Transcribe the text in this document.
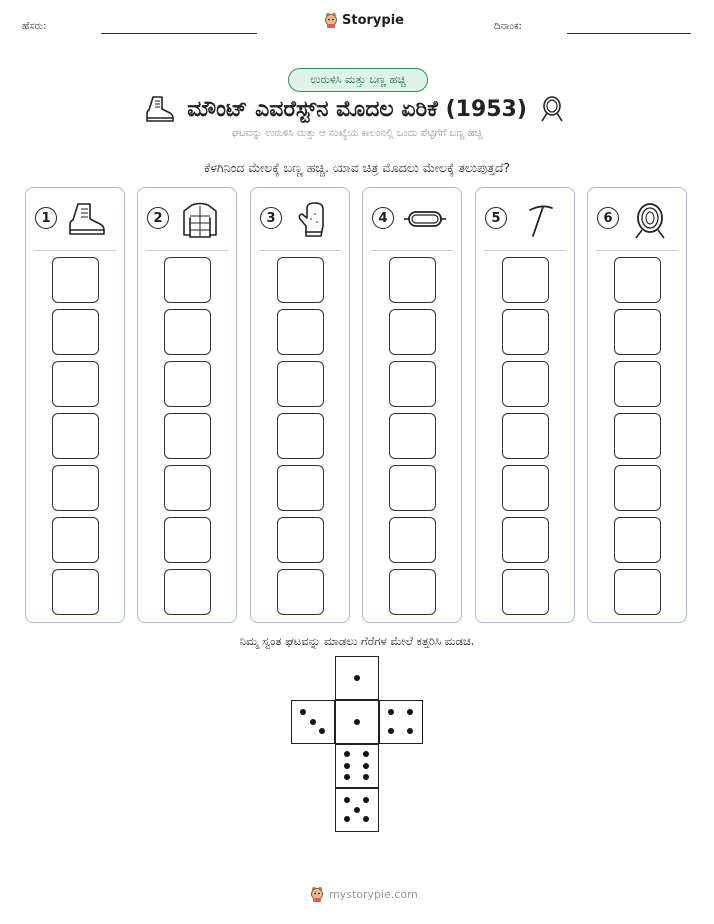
ಹೆಸರು:	Storypie	ದಿನಾಂಕ:
ಉರುಳಿಸಿ ಮತ್ತು ಬಣ್ಣ ಹಚ್ಚಿ
ಮೌಂಟ್ ಎವರೆಸ್ಟ್‌ನ ಮೊದಲ ಏರಿಕೆ (1953)
ಘಟವನ್ನು ಉರುಳಿಸಿ ಮತ್ತು ಆ ಸಂಖ್ಯೆಯ ಕಾಲಂನಲ್ಲಿ ಒಂದು ಪೆಟ್ಟಿಗೆಗೆ ಬಣ್ಣ ಹಚ್ಚಿ
ಕೆಳಗಿನಿಂದ ಮೇಲಕ್ಕೆ ಬಣ್ಣ ಹಚ್ಚಿ. ಯಾವ ಚಿತ್ರ ಮೊದಲು ಮೇಲಕ್ಕೆ ತಲುಪುತ್ತದೆ?
1	2	3	4	5	6
ನಿಮ್ಮ ಸ್ವಂತ ಘಟವನ್ನು ಮಾಡಲು ಗೆರೆಗಳ ಮೇಲೆ ಕತ್ತರಿಸಿ ಮಡಚಿ.
mystorypie.com
